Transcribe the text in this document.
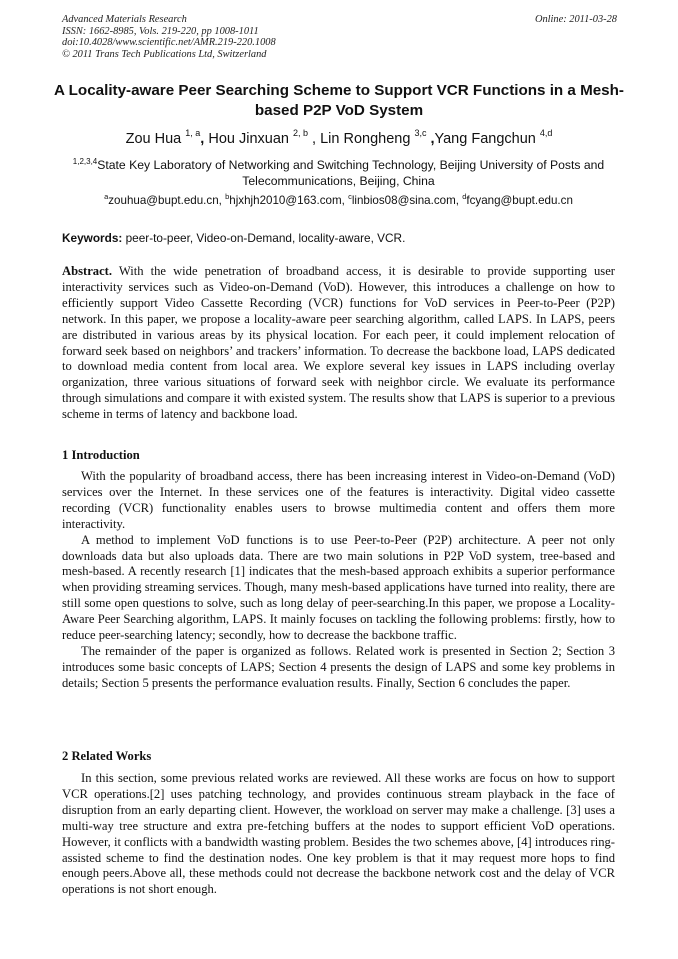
Advanced Materials Research
ISSN: 1662-8985, Vols. 219-220, pp 1008-1011
doi:10.4028/www.scientific.net/AMR.219-220.1008
© 2011 Trans Tech Publications Ltd, Switzerland
Online: 2011-03-28
A Locality-aware Peer Searching Scheme to Support VCR Functions in a Mesh-based P2P VoD System
Zou Hua $^{1, a}$, Hou Jinxuan $^{2, b}$ , Lin Rongheng $^{3,c}$ ,Yang Fangchun $^{4,d}$
$^{1,2,3,4}$State Key Laboratory of Networking and Switching Technology, Beijing University of Posts and Telecommunications, Beijing, China
$^a$zouhua@bupt.edu.cn, $^b$hjxhjh2010@163.com, $^c$linbios08@sina.com, $^d$fcyang@bupt.edu.cn
Keywords: peer-to-peer, Video-on-Demand, locality-aware, VCR.
Abstract. With the wide penetration of broadband access, it is desirable to provide supporting user interactivity services such as Video-on-Demand (VoD). However, this introduces a challenge on how to efficiently support Video Cassette Recording (VCR) functions for VoD services in Peer-to-Peer (P2P) network. In this paper, we propose a locality-aware peer searching algorithm, called LAPS. In LAPS, peers are distributed in various areas by its physical location. For each peer, it could implement relocation of forward seek based on neighbors’ and trackers’ information. To decrease the backbone load, LAPS dedicated to download media content from local area. We explore several key issues in LAPS including overlay organization, three various situations of forward seek with neighbor circle. We evaluate its performance through simulations and compare it with existed system. The results show that LAPS is superior to a previous scheme in terms of latency and backbone load.
1 Introduction

With the popularity of broadband access, there has been increasing interest in Video-on-Demand (VoD) services over the Internet. In these services one of the features is interactivity. Digital video cassette recording (VCR) functionality enables users to browse multimedia content and offers them more interactivity.

A method to implement VoD functions is to use Peer-to-Peer (P2P) architecture. A peer not only downloads data but also uploads data. There are two main solutions in P2P VoD system, tree-based and mesh-based. A recently research [1] indicates that the mesh-based approach exhibits a superior performance when providing streaming services. Though, many mesh-based applications have turned into reality, there are still some open questions to solve, such as long delay of peer-searching.In this paper, we propose a Locality-Aware Peer Searching algorithm, LAPS. It mainly focuses on tackling the following problems: firstly, how to reduce peer-searching latency; secondly, how to decrease the backbone traffic.

The remainder of the paper is organized as follows. Related work is presented in Section 2; Section 3 introduces some basic concepts of LAPS; Section 4 presents the design of LAPS and some key problems in details; Section 5 presents the performance evaluation results. Finally, Section 6 concludes the paper.

2 Related Works

In this section, some previous related works are reviewed. All these works are focus on how to support VCR operations.[2] uses patching technology, and provides continuous stream playback in the face of disruption from an early departing client. However, the workload on server may make a challenge. [3] uses a multi-way tree structure and extra pre-fetching buffers at the nodes to support efficient VoD operations. However, it conflicts with a bandwidth wasting problem. Besides the two schemes above, [4] introduces ring-assisted scheme to find the destination nodes. One key problem is that it may request more hops to find enough peers.Above all, these methods could not decrease the backbone network cost and the delay of VCR operations is not short enough.
